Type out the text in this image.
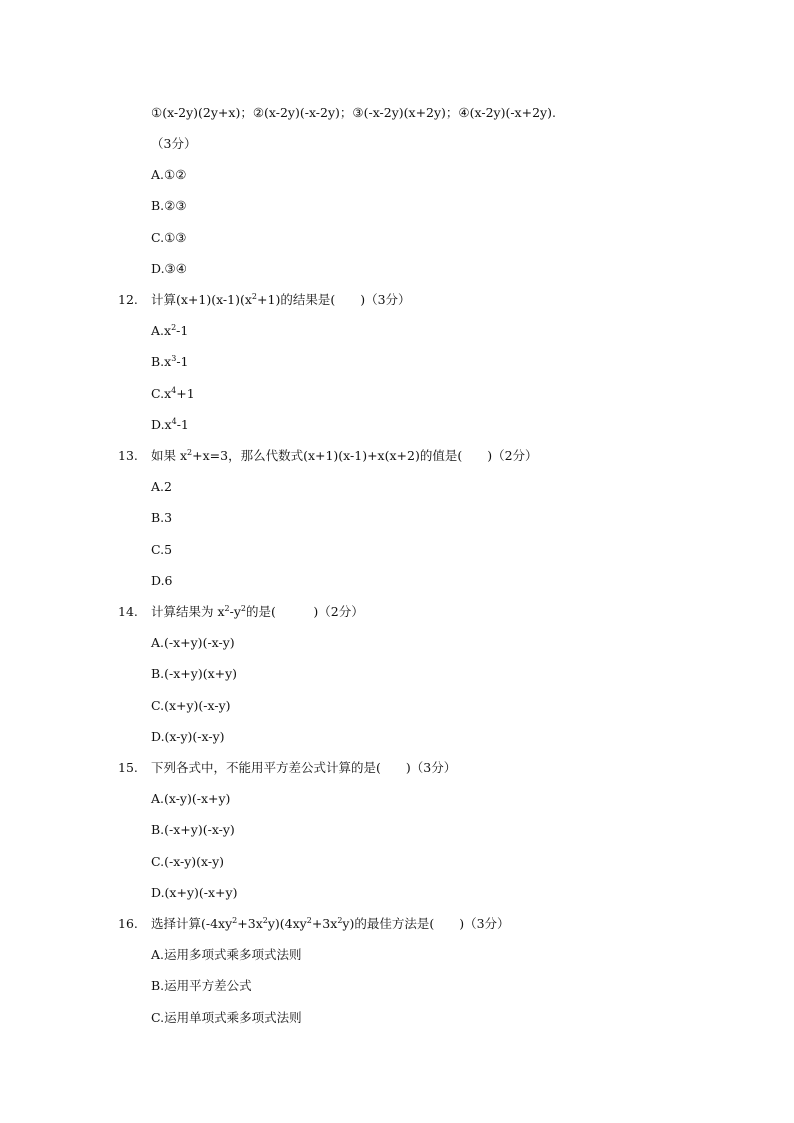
①(x-2y)(2y+x)；②(x-2y)(-x-2y)；③(-x-2y)(x+2y)；④(x-2y)(-x+2y).
（3分）
A.①②
B.②③
C.①③
D.③④
12.	计算$(x+1)(x-1)(x^2+1)$的结果是(　　)（3分）
$A.x^2-1$
$B.x^3-1$
$C.x^4+1$
$D.x^4-1$
13.	如果 $x^2+x=3$，那么代数式(x+1)(x-1)+x(x+2)的值是(　　)（2分）
A.2
B.3
C.5
D.6
14.	计算结果为 $x^2-y^2$的是(　　　)（2分）
A.(-x+y)(-x-y)
B.(-x+y)(x+y)
C.(x+y)(-x-y)
D.(x-y)(-x-y)
15.	下列各式中，不能用平方差公式计算的是(　　)（3分）
A.(x-y)(-x+y)
B.(-x+y)(-x-y)
C.(-x-y)(x-y)
D.(x+y)(-x+y)
16.	选择计算$(-4xy^2+3x^2y)(4xy^2+3x^2y)$的最佳方法是(　　)（3分）
A.运用多项式乘多项式法则
B.运用平方差公式
C.运用单项式乘多项式法则
